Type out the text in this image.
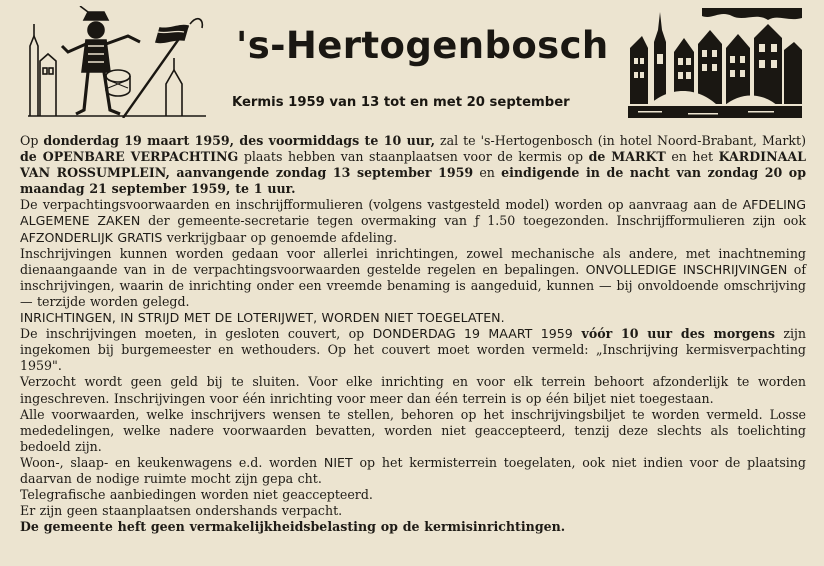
's-Hertogenbosch
Kermis 1959 van 13 tot en met 20 september

Op donderdag 19 maart 1959, des voormiddags te 10 uur, zal te 's-Hertogenbosch (in hotel Noord-Brabant, Markt) de OPENBARE VERPACHTING plaats hebben van staanplaatsen voor de kermis op de MARKT en het KARDINAAL VAN ROSSUMPLEIN, aanvangende zondag 13 september 1959 en eindigende in de nacht van zondag 20 op maandag 21 september 1959, te 1 uur.

De verpachtingsvoorwaarden en inschrijfformulieren (volgens vastgesteld model) worden op aanvraag aan de AFDELING ALGEMENE ZAKEN der gemeente-secretarie tegen overmaking van ƒ 1.50 toegezonden. Inschrijfformulieren zijn ook AFZONDERLIJK GRATIS verkrijgbaar op genoemde afdeling.

Inschrijvingen kunnen worden gedaan voor allerlei inrichtingen, zowel mechanische als andere, met inachtneming dienaangaande van in de verpachtingsvoorwaarden gestelde regelen en bepalingen. ONVOLLEDIGE INSCHRIJVINGEN of inschrijvingen, waarin de inrichting onder een vreemde benaming is aangeduid, kunnen — bij onvoldoende omschrijving — terzijde worden gelegd.

INRICHTINGEN, IN STRIJD MET DE LOTERIJWET, WORDEN NIET TOEGELATEN.

De inschrijvingen moeten, in gesloten couvert, op DONDERDAG 19 MAART 1959 vóór 10 uur des morgens zijn ingekomen bij burgemeester en wethouders. Op het couvert moet worden vermeld: „Inschrijving kermisverpachting 1959".

Verzocht wordt geen geld bij te sluiten. Voor elke inrichting en voor elk terrein behoort afzonderlijk te worden ingeschreven. Inschrijvingen voor één inrichting voor meer dan één terrein is op één biljet niet toegestaan.

Alle voorwaarden, welke inschrijvers wensen te stellen, behoren op het inschrijvingsbiljet te worden vermeld. Losse mededelingen, welke nadere voorwaarden bevatten, worden niet geaccepteerd, tenzij deze slechts als toelichting bedoeld zijn.

Woon-, slaap- en keukenwagens e.d. worden NIET op het kermisterrein toegelaten, ook niet indien voor de plaatsing daarvan de nodige ruimte mocht zijn gepa cht.

Telegrafische aanbiedingen worden niet geaccepteerd.

Er zijn geen staanplaatsen ondershands verpacht.

De gemeente heft geen vermakelijkheidsbelasting op de kermisinrichtingen.
